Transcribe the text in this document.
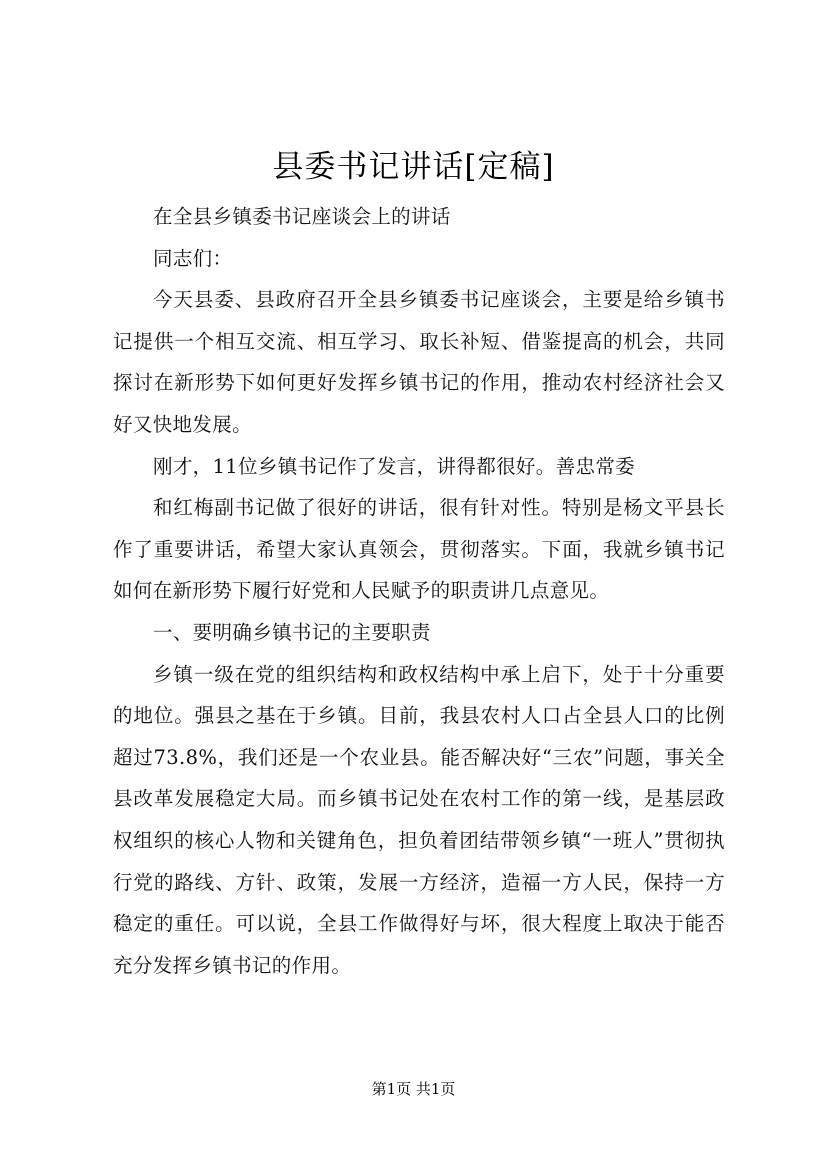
县委书记讲话[定稿]

在全县乡镇委书记座谈会上的讲话

同志们：

今天县委、县政府召开全县乡镇委书记座谈会，主要是给乡镇书记提供一个相互交流、相互学习、取长补短、借鉴提高的机会，共同探讨在新形势下如何更好发挥乡镇书记的作用，推动农村经济社会又好又快地发展。

刚才，11位乡镇书记作了发言，讲得都很好。善忠常委

和红梅副书记做了很好的讲话，很有针对性。特别是杨文平县长作了重要讲话，希望大家认真领会，贯彻落实。下面，我就乡镇书记如何在新形势下履行好党和人民赋予的职责讲几点意见。

一、要明确乡镇书记的主要职责

乡镇一级在党的组织结构和政权结构中承上启下，处于十分重要的地位。强县之基在于乡镇。目前，我县农村人口占全县人口的比例超过73.8%，我们还是一个农业县。能否解决好“三农”问题，事关全县改革发展稳定大局。而乡镇书记处在农村工作的第一线，是基层政权组织的核心人物和关键角色，担负着团结带领乡镇“一班人”贯彻执行党的路线、方针、政策，发展一方经济，造福一方人民，保持一方稳定的重任。可以说，全县工作做得好与坏，很大程度上取决于能否充分发挥乡镇书记的作用。

第1页 共1页
